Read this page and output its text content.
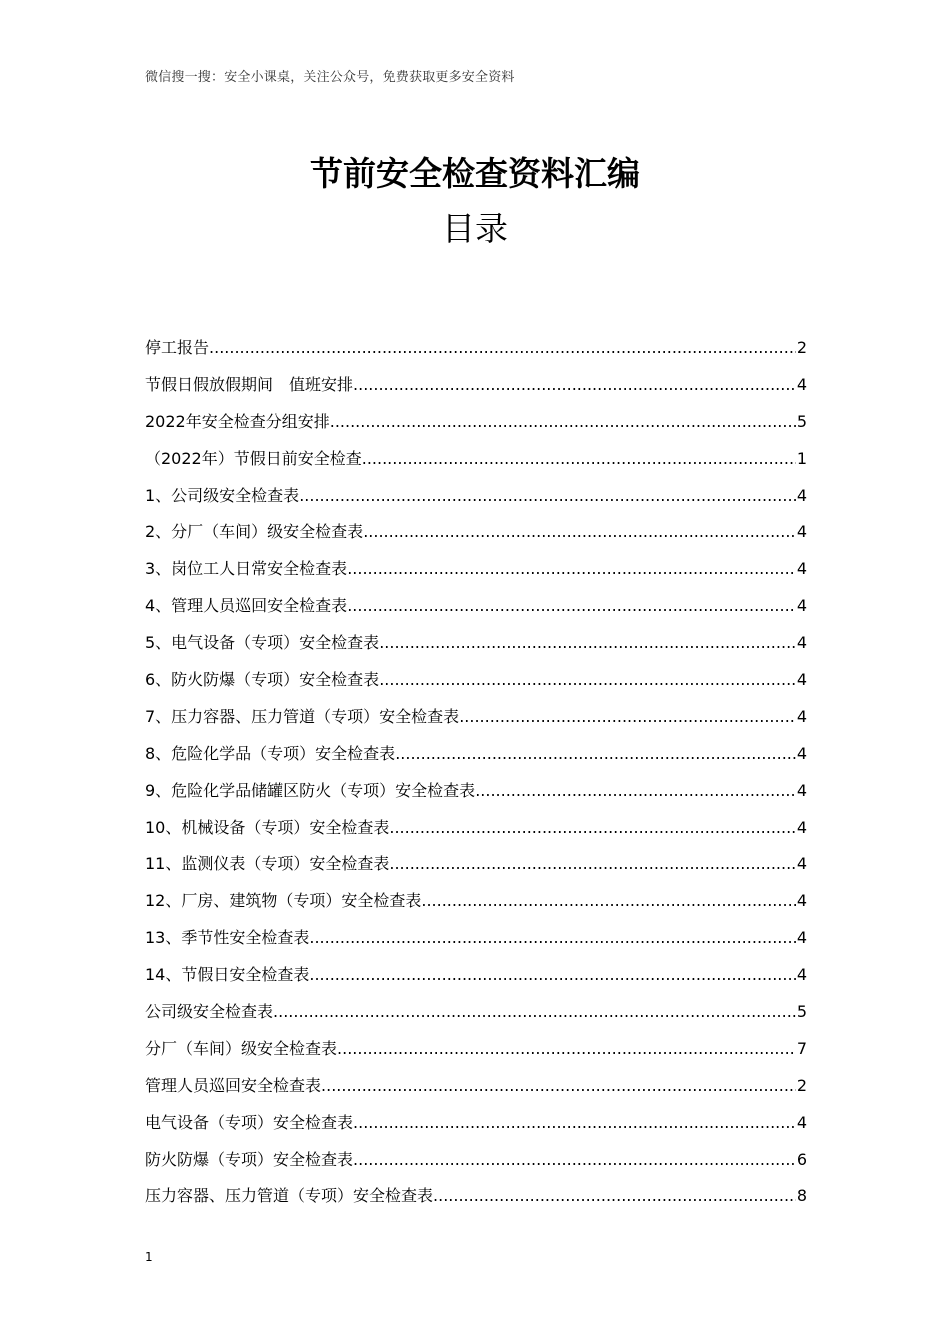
微信搜一搜：安全小课桌，关注公众号，免费获取更多安全资料
节前安全检查资料汇编
目录
停工报告 .....	2
节假日假放假期间　值班安排 .....	4
2022年安全检查分组安排 .....	5
（2022年）节假日前安全检查 .....	1
1、公司级安全检查表 .....	4
2、分厂（车间）级安全检查表 .....	4
3、岗位工人日常安全检查表 .....	4
4、管理人员巡回安全检查表 .....	4
5、电气设备（专项）安全检查表 .....	4
6、防火防爆（专项）安全检查表 .....	4
7、压力容器、压力管道（专项）安全检查表 .....	4
8、危险化学品（专项）安全检查表 .....	4
9、危险化学品储罐区防火（专项）安全检查表 .....	4
10、机械设备（专项）安全检查表 .....	4
11、监测仪表（专项）安全检查表 .....	4
12、厂房、建筑物（专项）安全检查表 .....	4
13、季节性安全检查表 .....	4
14、节假日安全检查表 .....	4
公司级安全检查表 .....	5
分厂（车间）级安全检查表 .....	7
管理人员巡回安全检查表 .....	2
电气设备（专项）安全检查表 .....	4
防火防爆（专项）安全检查表 .....	6
压力容器、压力管道（专项）安全检查表 .....	8
1
